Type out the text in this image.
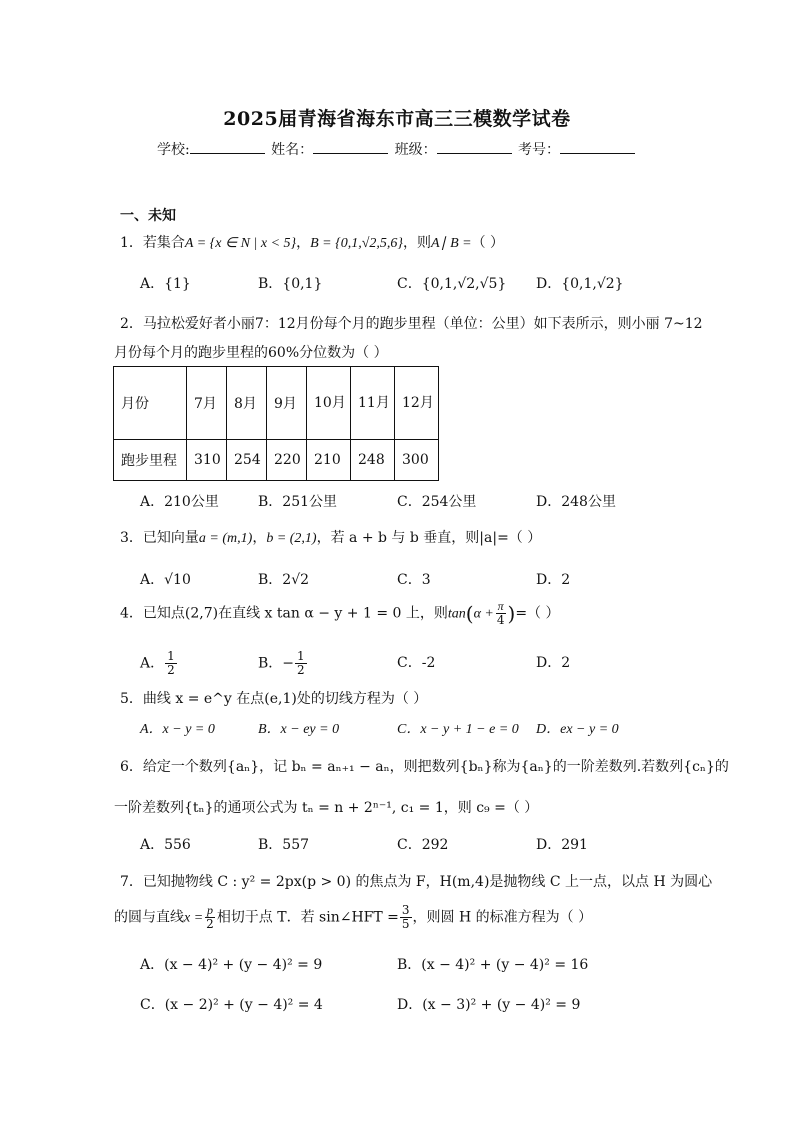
2025届青海省海东市高三三模数学试卷
学校:	姓名：	班级：	考号：
一、未知
1．若集合A = {x ∈ N | x < 5}，B = {0,1,√2,5,6}，则A∣ B =（ ）
A．{1}	B．{0,1}	C．{0,1,√2,√5} D．{0,1,√2}
2．马拉松爱好者小丽7：12月份每个月的跑步里程（单位：公里）如下表所示，则小丽 7~12
月份每个月的跑步里程的60%分位数为（ ）
月份	7月	8月	9月	10月	11月	12月
跑步里程	310	254	220	210	248	300
A．210公里	B．251公里	C．254公里	D．248公里
3．已知向量a = (m,1)，b = (2,1)，若 a + b 与 b 垂直，则|a|=（ ）
A．√10	B．2√2	C．3	D．2
4．已知点(2,7)在直线 x tan α − y + 1 = 0 上，则$\tan(\alpha + \frac{\pi}{4}$ )=（ ）
A． $\frac{1}{2}$	B．− $\frac{1}{2}$	C．-2	D．2
5．曲线 x = e^y 在点(e,1)处的切线方程为（ ）
A．x − y = 0	B．x − ey = 0	C．x − y + 1 − e = 0 D．ex − y = 0
6．给定一个数列{aₙ}，记 bₙ = aₙ₊₁ − aₙ，则把数列{bₙ}称为{aₙ}的一阶差数列.若数列{cₙ}的
一阶差数列{tₙ}的通项公式为 tₙ = n + 2ⁿ⁻¹, c₁ = 1，则 c₉ =（ ）
A．556	B．557	C．292	D．291
7．已知抛物线 C : y² = 2px(p > 0) 的焦点为 F，H(m,4)是抛物线 C 上一点，以点 H 为圆心
的圆与直线$x = \frac{p}{2}$ 相切于点 T．若 sin∠HFT = $\frac{3}{5}$ ，则圆 H 的标准方程为（ ）
A．(x − 4)² + (y − 4)² = 9	B．(x − 4)² + (y − 4)² = 16
C．(x − 2)² + (y − 4)² = 4	D．(x − 3)² + (y − 4)² = 9
